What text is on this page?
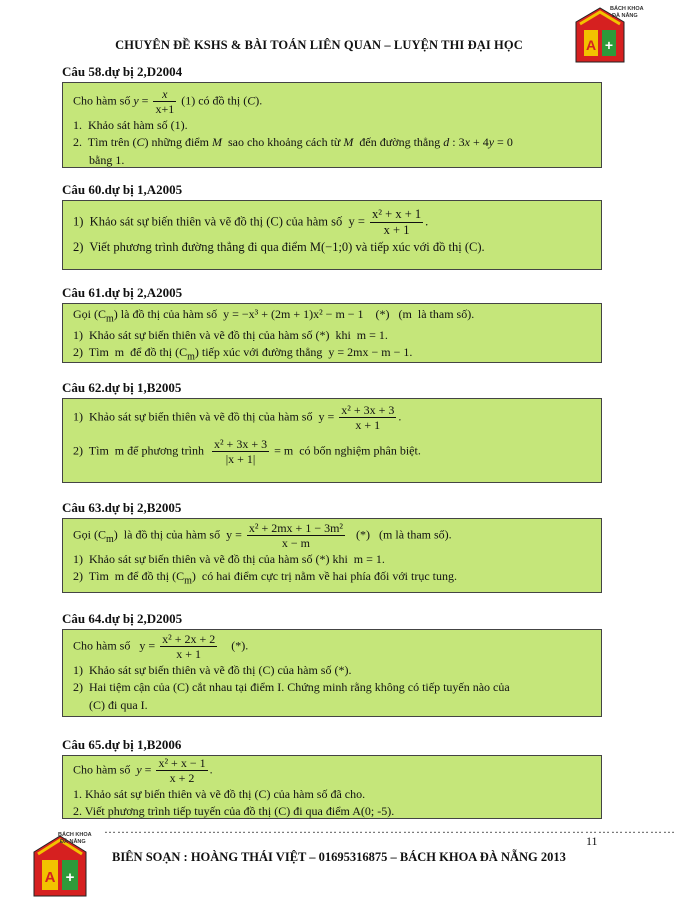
CHUYÊN ĐỀ KSHS & BÀI TOÁN LIÊN QUAN – LUYỆN THI ĐẠI HỌC	A +
BÁCH KHOA
ĐÀ NẴNG
Câu 58.dự bị 2,D2004
Cho hàm số $y = \frac{x}{x+1} (1)$ có đồ thị (C).
1.  Khảo sát hàm số (1).
2.  Tìm trên (C) những điểm M  sao cho khoảng cách từ M  đến đường thẳng d : 3x + 4y = 0
bằng 1.
Câu 60.dự bị 1,A2005
1)  Khảo sát sự biến thiên và vẽ đồ thị (C) của hàm số  $y = \frac{\text{x² + x + 1}}{x + 1}$ .
2)  Viết phương trình đường thẳng đi qua điểm M(−1;0) và tiếp xúc với đồ thị (C).
Câu 61.dự bị 2,A2005
Gọi $(C_m)$ là đồ thị của hàm số  y = −x³ + (2m + 1)x² − m − 1    (*)   (m  là tham số).
1)  Khảo sát sự biến thiên và vẽ đồ thị của hàm số (*)  khi  m = 1.
2)  Tìm  m  để đồ thị $(C_m)$ tiếp xúc với đường thẳng  y = 2mx − m − 1.
Câu 62.dự bị 1,B2005
1)  Khảo sát sự biến thiên và vẽ đồ thị của hàm số  $y = \frac{\text{x² + 3x + 3}}{x + 1}$ .
2)  Tìm  m để phương trình $\frac{\text{x² + 3x + 3}}{|x + 1|} = m$  có bốn nghiệm phân biệt.
Câu 63.dự bị 2,B2005
Gọi $(C_m)$  là đồ thị của hàm số  $y = \frac{\text{x² + 2mx + 1 − 3m²}}{x - m}$ (*)   (m là tham số).
1)  Khảo sát sự biến thiên và vẽ đồ thị của hàm số (*) khi  m = 1.
2)  Tìm  m để đồ thị $(C_m)$  có hai điểm cực trị nằm về hai phía đối với trục tung.
Câu 64.dự bị 2,D2005
Cho hàm số   $y = \frac{\text{x² + 2x + 2}}{x + 1}$ (*).
1)  Khảo sát sự biến thiên và vẽ đồ thị (C) của hàm số (*).
2)  Hai tiệm cận của (C) cắt nhau tại điểm I. Chứng minh rằng không có tiếp tuyến nào của
(C) đi qua I.
Câu 65.dự bị 1,B2006
Cho hàm số  $y = \frac{\text{x² + x − 1}}{x + 2}$ .
1. Khảo sát sự biến thiên và vẽ đồ thị (C) của hàm số đã cho.
2. Viết phương trình tiếp tuyến của đồ thị (C) đi qua điểm A(0; -5).
……………………………………………………………………………………………………………………
11
BIÊN SOẠN : HOÀNG THÁI VIỆT – 01695316875 – BÁCH KHOA ĐÀ NẴNG 2013
A +
BÁCH KHOA
ĐÀ NẴNG
